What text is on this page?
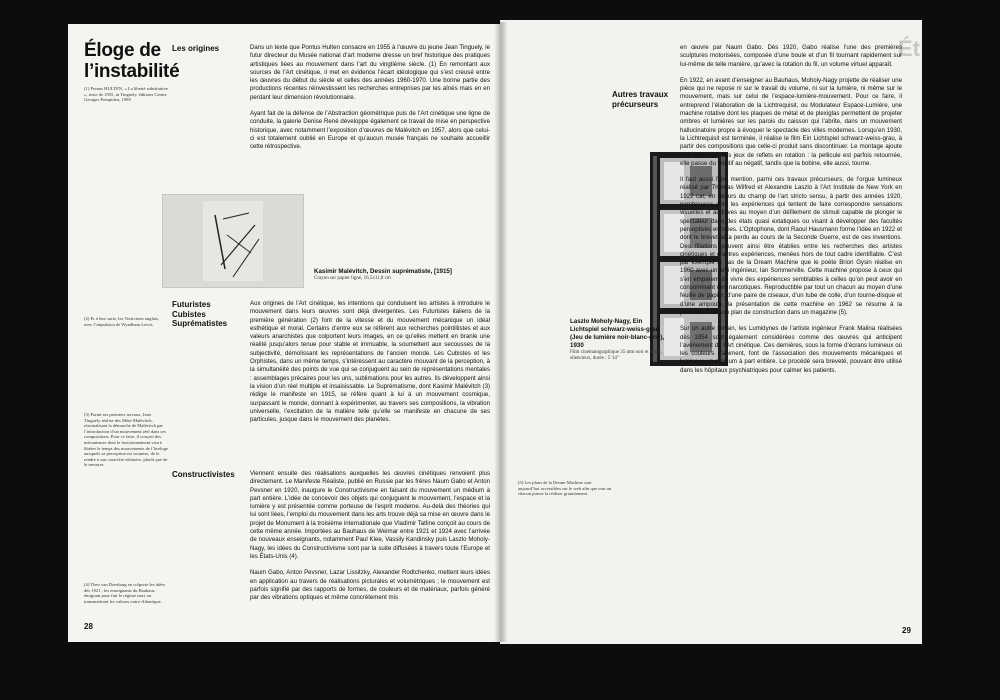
Éloge de l’instabilité
(1) Pontus HULTEN, « La liberté substitutive », texte de 1955, in Tinguely, éditions Centre Georges Pompidou, 1989
(2) Et à leur suite, les Vorticistes anglais, avec l’impulsion de Wyndham Lewis.
(3) Parmi ses premiers travaux, Jean Tinguely réalise des Méta-Malévitch, réactualisant la démarche de Malévitch par l’introduction d’un mouvement réel dans ses compositions. Pour ce faire, il conçoit des mécanismes dont le fonctionnement visa à libérer le temps des mouvements de l’horloge auxquels sa perception est soumise, de le rendre à son caractère aléatoire, plutôt que de le mesurer.
(4) Theo van Doesburg en colporte les idées dès 1921 ; les enseignants du Bauhaus, émigrant pour fuir le régime nazi, en transmettront les valeurs outre-Atlantique.
Les origines
Futuristes Cubistes Suprématistes
Constructivistes

Dans un texte que Pontus Hulten consacre en 1955 à l’œuvre du jeune Jean Tinguely, le futur directeur du Musée national d’art moderne dresse un bref historique des pratiques artistiques liées au mouvement dans l’art du vingtième siècle. (1) En remontant aux sources de l’Art cinétique, il met en évidence l’écart idéologique qui s’est creusé entre les œuvres du début du siècle et celles des années 1960-1970. Une bonne partie des productions récentes réinvestissent les recherches entreprises par les aînés mais en en perdant leur dimension révolutionnaire.

Ayant fait de la défense de l’Abstraction géométrique puis de l’Art cinétique une ligne de conduite, la galerie Denise René développe également ce travail de mise en perspective historique, avec notamment l’exposition d’œuvres de Malévitch en 1957, alors que celui-ci est totalement oublié en Europe et qu’aucun musée français ne souhaite accueillir cette rétrospective.

Kasimir Malévitch, Dessin suprématiste, [1915]
Crayon sur papier ligné, 16,5x11,8 cm

Aux origines de l’Art cinétique, les intentions qui conduisent les artistes à introduire le mouvement dans leurs œuvres sont déjà divergentes. Les Futuristes italiens de la première génération (2) font de la vitesse et du mouvement mécanique un idéal esthétique et moral. Certains d’entre eux se réfèrent aux recherches pointillistes et aux valeurs anarchistes que colportent leurs images, en ce qu’elles mettent en branle une réalité jusqu’alors tenue pour stable et immuable, la soumettent aux secousses de la subjectivité, démolissant les représentations de l’ancien monde. Les Cubistes et les Orphistes, dans un même temps, s’intéressent au caractère mouvant de la perception, à la simultanéité des points de vue qui se conjuguent au sein de représentations mentales : assemblages précaires pour les uns, sublimations pour les autres. Ils développent ainsi la vision d’un réel multiple et insaisissable. Le Suprématisme, dont Kasimir Malévitch (3) rédige le manifeste en 1915, se réfère quant à lui à un mouvement cosmique, surpassant le monde, donnant à expérimenter, au travers ses compositions, la vibration universelle, l’excitation de la matière telle qu’elle se manifeste en chacune de ses particules, jusque dans le mouvement des planètes.

Viennent ensuite des réalisations auxquelles les œuvres cinétiques renvoient plus directement. Le Manifeste Réaliste, publié en Russie par les frères Naum Gabo et Anton Pevsner en 1920, inaugure le Constructivisme en faisant du mouvement un médium à part entière. L’idée de concevoir des objets qui conjuguent le mouvement, l’espace et la lumière y est présentée comme porteuse de l’esprit moderne. Au-delà des théories qui lui sont liées, l’emploi du mouvement dans les arts trouve déjà sa mise en œuvre dans le projet de Monument à la troisième internationale que Vladimir Tatline conçoit au cours de cette même année. Importées au Bauhaus de Weimar entre 1921 et 1924 avec l’arrivée de nouveaux enseignants, notamment Paul Klee, Vassily Kandinsky puis Laszlo Moholy-Nagy, les idées du Constructivisme sont par la suite diffusées à travers toute l’Europe et les États-Unis (4).

Naum Gabo, Anton Pevsner, Lazar Lissitzky, Alexander Rodtchenko, mettent leurs idées en application au travers de réalisations picturales et volumétriques ; le mouvement est parfois signifié par des rapports de formes, de couleurs et de matériaux, parfois généré par des vibrations optiques et même concrètement mis

28
Ét
Autres travaux précurseurs
Laszlo Moholy-Nagy, Ein Lichtspiel schwarz-weiss-grau (Jeu de lumière noir-blanc-gris), 1930
Film cinématographique 35 mm noir et blanc, silencieux, durée : 5’14’’
(5) Les plans de la Dream Machine sont aujourd’hui accessibles sur le web afin que tout un chacun puisse la réaliser gratuitement.

en œuvre par Naum Gabo. Dès 1920, Gabo réalise l’une des premières sculptures motorisées, composée d’une boule et d’un fil tournant rapidement sur lui-même de telle manière, qu’avec la rotation du fil, un volume virtuel apparaît.

En 1922, en avant d’enseigner au Bauhaus, Moholy-Nagy projette de réaliser une pièce qui ne repose ni sur le travail du volume, ni sur la lumière, ni même sur le mouvement, mais sur celui de l’espace-lumière-mouvement. Pour ce faire, il entreprend l’élaboration de la Lichtrequisit, ou Modulateur Espace-Lumière, une machine rotative dont les plaques de métal et de plexiglas permettent de projeter ombres et lumières sur les parois du caisson qui l’abrite, dans un mouvement hallucinatoire propre à évoquer le spectacle des villes modernes. Lorsqu’en 1930, la Lichtrequisit est terminée, il réalise le film Ein Lichtspiel schwarz-weiss-grau, à partir des compositions que celle-ci produit sans discontinuer. Le montage ajoute à la confusion des jeux de reflets en rotation : la pellicule est parfois retournée, elle passe du positif au négatif, tandis que la bobine, elle aussi, tourne.

Il faut aussi faire mention, parmi ces travaux précurseurs, de l’orgue lumineux réalisé par Thomas Wilfred et Alexandre Laszlo à l’Art Institute de New York en 1922 car, en dehors du champ de l’art stricto sensu, à partir des années 1920, nombreuses sont les expériences qui tentent de faire correspondre sensations visuelles et auditives au moyen d’un défilement de stimuli capable de plonger le spectateur dans des états quasi extatiques ou visant à développer des facultés perceptives enfouies. L’Optophone, dont Raoul Hausmann forme l’idée en 1922 et dont le brevet sera perdu au cours de la Seconde Guerre, est de ces inventions. Des filiations peuvent ainsi être établies entre les recherches des artistes cinétiques et d’autres expériences, menées hors de tout cadre identifiable. C’est par exemple le cas de la Dream Machine que le poète Brion Gysin réalise en 1960 avec un ami ingénieur, Ian Sommerville. Cette machine propose à ceux qui s’en emparent de vivre des expériences semblables à celles qu’on peut avoir en consommant des narcotiques. Reproductible par tout un chacun au moyen d’une feuille de papier, d’une paire de ciseaux, d’un tube de colle, d’un tourne-disque et d’une ampoule, la présentation de cette machine en 1962 se résume à la publication de son plan de construction dans un magazine (5).

Sur un autre terrain, les Lumidynes de l’artiste ingénieur Frank Malina réalisées dès 1954 sont également considérées comme des œuvres qui anticipent l’avènement de l’Art cinétique. Ces dernières, sous la forme d’écrans lumineux où les couleurs s’animent, font de l’association des mouvements mécaniques et lumineux un médium à part entière. Le procédé sera breveté, pouvant être utilisé dans les hôpitaux psychiatriques pour calmer les patients.

29
